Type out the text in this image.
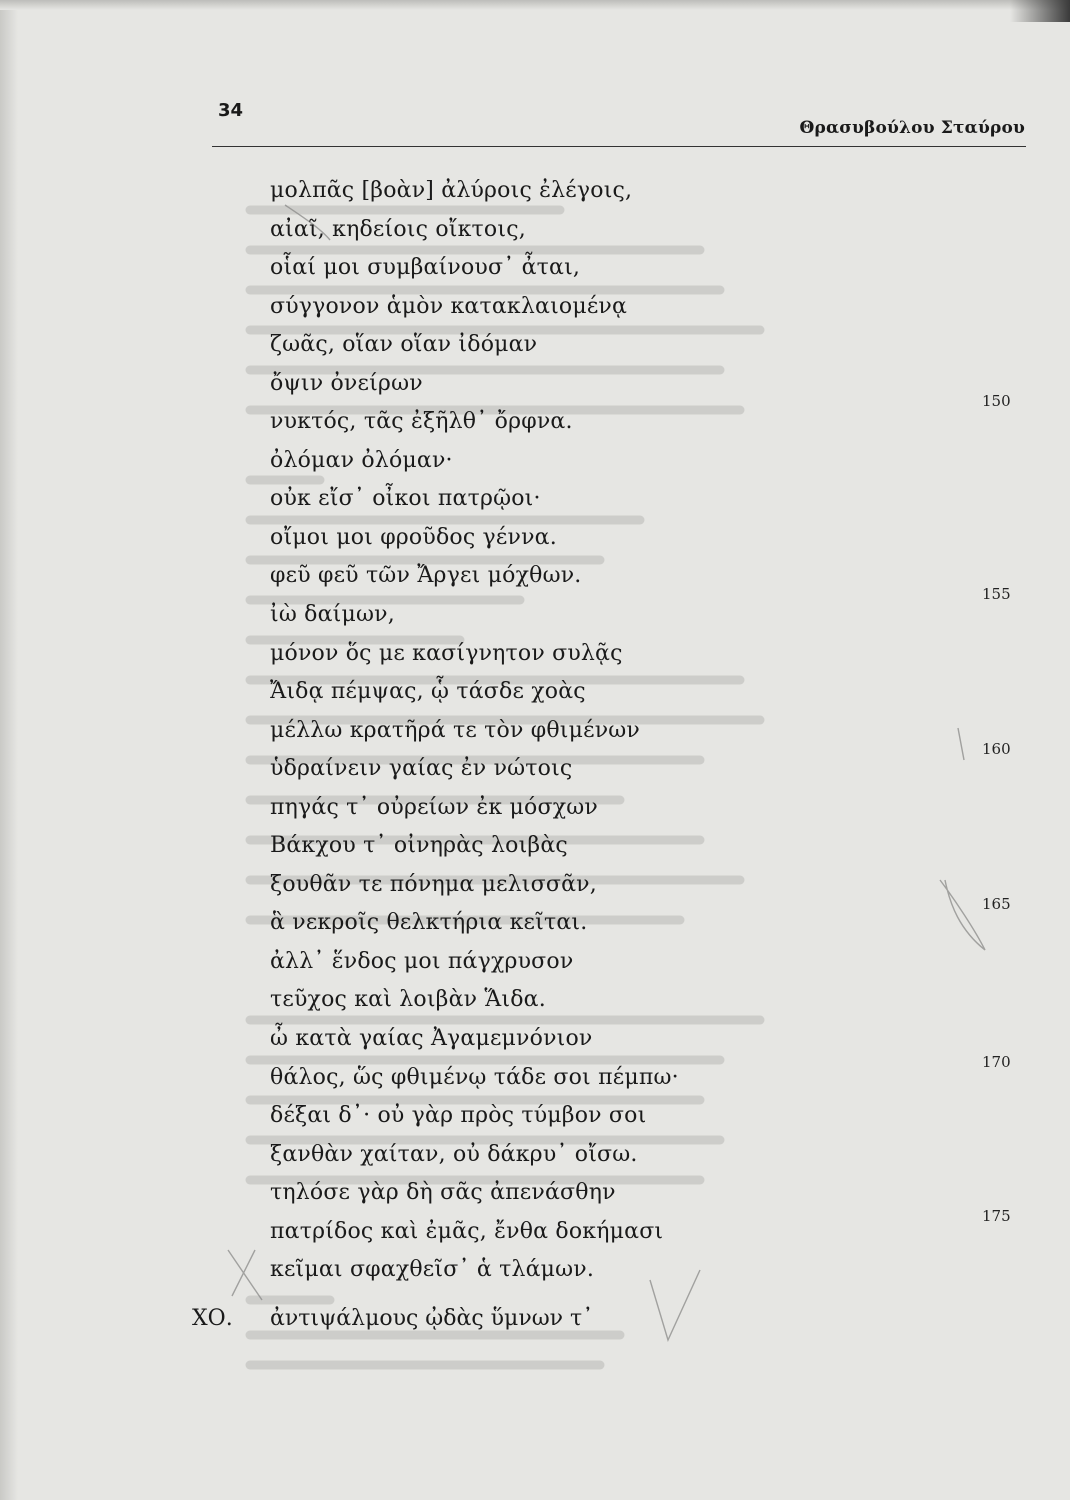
34
Θρασυβούλου Σταύρου
μολπᾶς [βοὰν] ἀλύροις ἐλέγοις,
αἰαῖ, κηδείοις οἴκτοις,
οἷαί μοι συμβαίνουσ᾽ ἆται,
σύγγονον ἁμὸν κατακλαιομένᾳ
ζωᾶς, οἵαν οἵαν ἰδόμαν
ὄψιν ὀνείρων
νυκτός, τᾶς ἐξῆλθ᾽ ὄρφνα.
ὀλόμαν ὀλόμαν·
οὐκ εἴσ᾽ οἶκοι πατρῷοι·
οἴμοι μοι φροῦδος γέννα.
φεῦ φεῦ τῶν Ἄργει μόχθων.
ἰὼ δαίμων,
μόνον ὅς με κασίγνητον συλᾷς
Ἄιδᾳ πέμψας, ᾧ τάσδε χοὰς
μέλλω κρατῆρά τε τὸν φθιμένων
ὑδραίνειν γαίας ἐν νώτοις
πηγάς τ᾽ οὐρείων ἐκ μόσχων
Βάκχου τ᾽ οἰνηρὰς λοιβὰς
ξουθᾶν τε πόνημα μελισσᾶν,
ἃ νεκροῖς θελκτήρια κεῖται.
ἀλλ᾽ ἕνδος μοι πάγχρυσον
τεῦχος καὶ λοιβὰν Ἅιδα.
ὦ κατὰ γαίας Ἀγαμεμνόνιον
θάλος, ὥς φθιμένῳ τάδε σοι πέμπω·
δέξαι δ᾽· οὐ γὰρ πρὸς τύμβον σοι
ξανθὰν χαίταν, οὐ δάκρυ᾽ οἴσω.
τηλόσε γὰρ δὴ σᾶς ἀπενάσθην
πατρίδος καὶ ἐμᾶς, ἔνθα δοκήμασι
κεῖμαι σφαχθεῖσ᾽ ἁ τλάμων.
ΧΟ. ἀντιψάλμους ᾠδὰς ὕμνων τ᾽
150
155
160
165
170
175
